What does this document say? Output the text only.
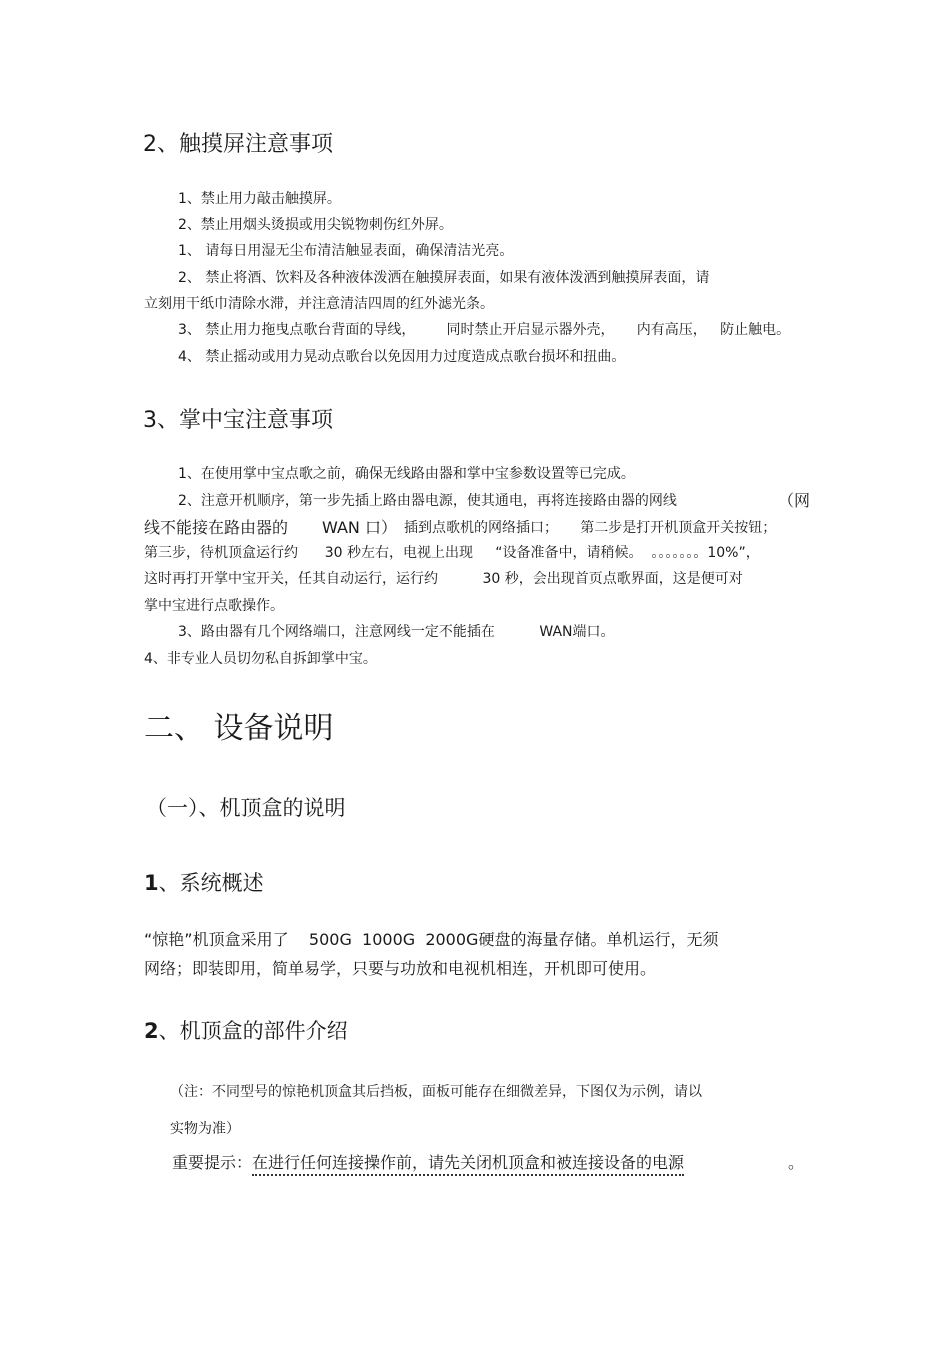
2、触摸屏注意事项
1、禁止用力敲击触摸屏。
2、禁止用烟头烫损或用尖锐物刺伤红外屏。
1、 请每日用湿无尘布清洁触显表面，确保清洁光亮。
2、 禁止将酒、饮料及各种液体泼洒在触摸屏表面，如果有液体泼洒到触摸屏表面，请
立刻用干纸巾清除水滞，并注意清洁四周的红外滤光条。
3、 禁止用力拖曳点歌台背面的导线，       同时禁止开启显示器外壳，     内有高压，   防止触电。
4、 禁止摇动或用力晃动点歌台以免因用力过度造成点歌台损坏和扭曲。
3、掌中宝注意事项
1、在使用掌中宝点歌之前，确保无线路由器和掌中宝参数设置等已完成。
2、注意开机顺序，第一步先插上路由器电源，使其通电，再将连接路由器的网线	（网
线不能接在路由器的 WAN 口） 插到点歌机的网络插口；     第二步是打开机顶盒开关按钮；
第三步，待机顶盒运行约      30 秒左右，电视上出现     “设备准备中，请稍候。  。。。。。。。10%”，
这时再打开掌中宝开关，任其自动运行，运行约          30 秒，会出现首页点歌界面，这是便可对
掌中宝进行点歌操作。
3、路由器有几个网络端口，注意网线一定不能插在          WAN端口。
4、非专业人员切勿私自拆卸掌中宝。
二、 设备说明
（一）、机顶盒的说明
1、系统概述
“惊艳”机顶盒采用了    500G  1000G  2000G硬盘的海量存储。单机运行，无须
网络；即装即用，简单易学，只要与功放和电视机相连，开机即可使用。
2、机顶盒的部件介绍
（注：不同型号的惊艳机顶盒其后挡板，面板可能存在细微差异，下图仅为示例，请以
实物为准）
重要提示：在进行任何连接操作前，请先关闭机顶盒和被连接设备的电源	。
